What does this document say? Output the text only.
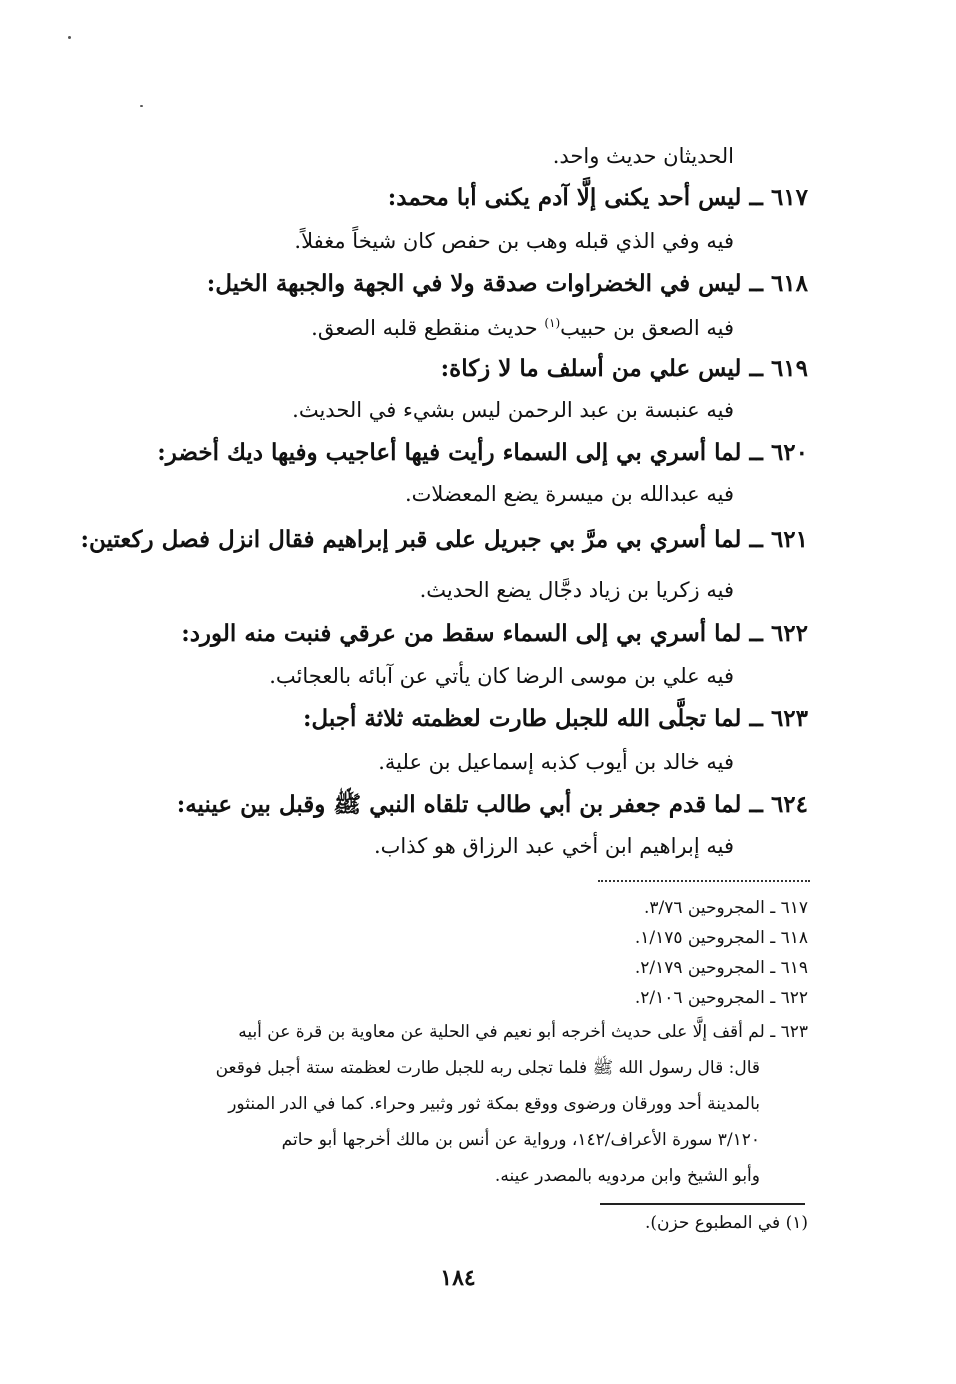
الحديثان حديث واحد.
٦١٧ ــ ليس أحد يكنى إلَّا آدم يكنى أبا محمد:
فيه وفي الذي قبله وهب بن حفص كان شيخاً مغفلاً.
٦١٨ ــ ليس في الخضراوات صدقة ولا في الجهة والجبهة الخيل:
فيه الصعق بن حبيب$^{(١)}$ حديث منقطع قلبه الصعق.
٦١٩ ــ ليس علي من أسلف ما لا زكاة:
فيه عنبسة بن عبد الرحمن ليس بشيء في الحديث.
٦٢٠ ــ لما أسري بي إلى السماء رأيت فيها أعاجيب وفيها ديك أخضر:
فيه عبدالله بن ميسرة يضع المعضلات.
٦٢١ ــ لما أسري بي مرَّ بي جبريل على قبر إبراهيم فقال انزل فصل ركعتين:
فيه زكريا بن زياد دجَّال يضع الحديث.
٦٢٢ ــ لما أسري بي إلى السماء سقط من عرقي فنبت منه الورد:
فيه علي بن موسى الرضا كان يأتي عن آبائه بالعجائب.
٦٢٣ ــ لما تجلَّى الله للجبل طارت لعظمته ثلاثة أجبل:
فيه خالد بن أيوب كذبه إسماعيل بن علية.
٦٢٤ ــ لما قدم جعفر بن أبي طالب تلقاه النبي ﷺ وقبل بين عينيه:
فيه إبراهيم ابن أخي عبد الرزاق هو كذاب.
٦١٧ ـ المجروحين ٣/٧٦.
٦١٨ ـ المجروحين ١/١٧٥.
٦١٩ ـ المجروحين ٢/١٧٩.
٦٢٢ ـ المجروحين ٢/١٠٦.
٦٢٣ ـ لم أقف إلَّا على حديث أخرجه أبو نعيم في الحلية عن معاوية بن قرة عن أبيه
قال: قال رسول الله ﷺ فلما تجلى ربه للجبل طارت لعظمته ستة أجبل فوقعن
بالمدينة أحد وورقان ورضوى ووقع بمكة ثور وثبير وحراء. كما في الدر المنثور
٣/١٢٠ سورة الأعراف/١٤٢، ورواية عن أنس بن مالك أخرجها أبو حاتم
وأبو الشيخ وابن مردويه بالمصدر عينه.
(١) في المطبوع حزن).
١٨٤
